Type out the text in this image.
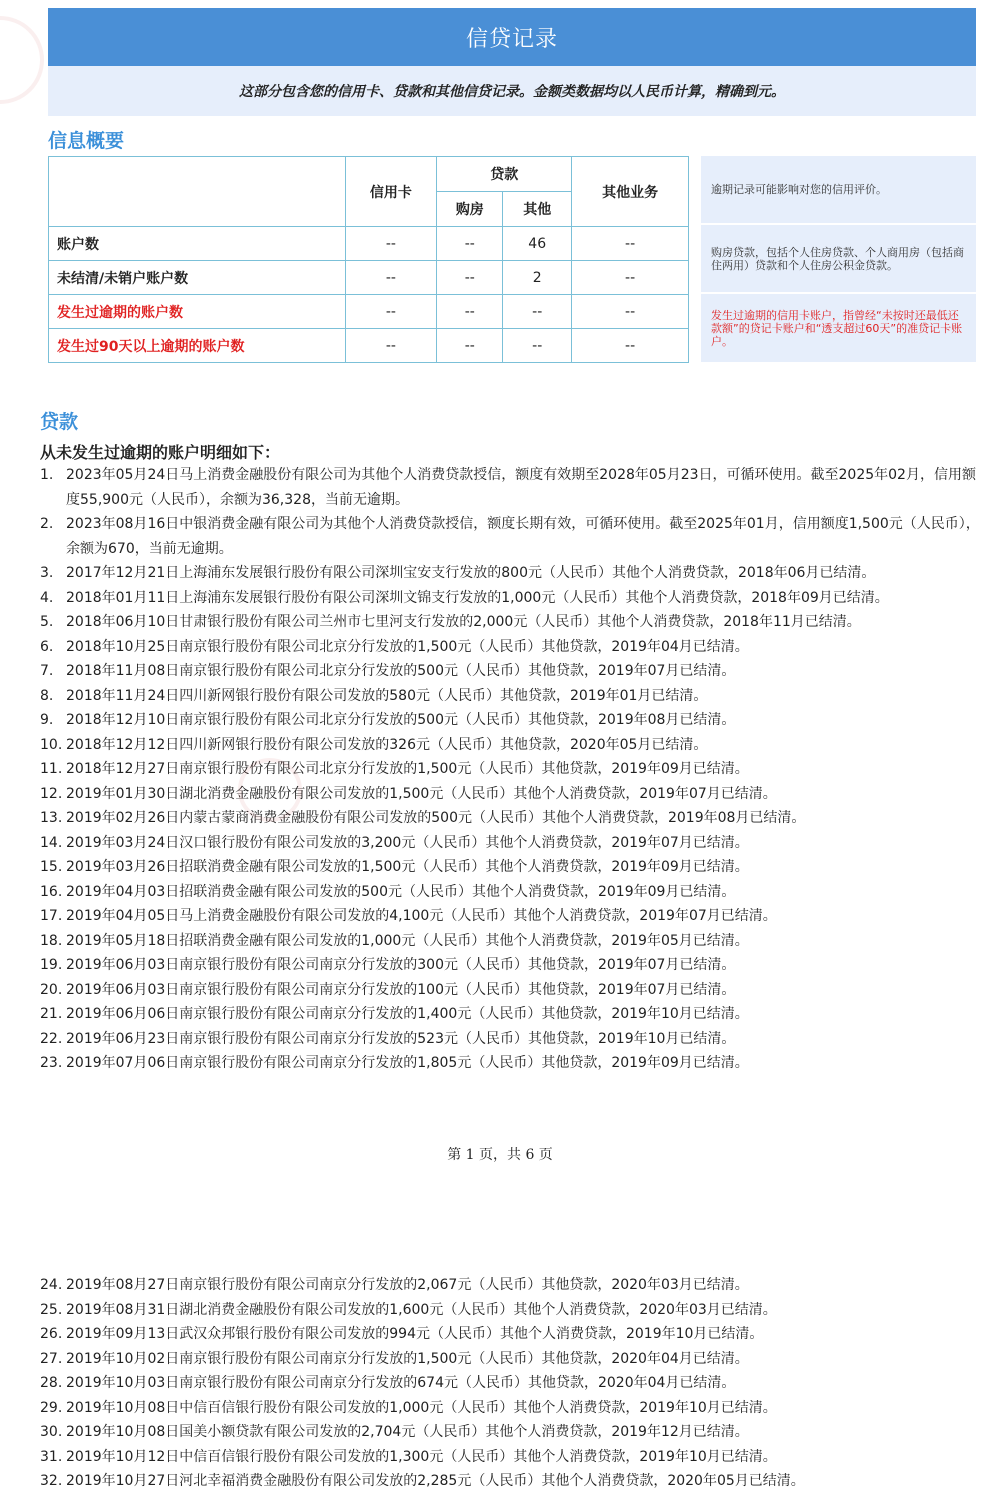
信贷记录
这部分包含您的信用卡、贷款和其他信贷记录。金额类数据均以人民币计算，精确到元。
信息概要
	信用卡	贷款		其他业务
		购房	其他	
账户数	--	--	46	--
未结清/未销户账户数	--	--	2	--
发生过逾期的账户数	--	--	--	--
发生过90天以上逾期的账户数	--	--	--	--
逾期记录可能影响对您的信用评价。
购房贷款，包括个人住房贷款、个人商用房（包括商住两用）贷款和个人住房公积金贷款。
发生过逾期的信用卡账户，指曾经“未按时还最低还款额”的贷记卡账户和“透支超过60天”的准贷记卡账户。
贷款
从未发生过逾期的账户明细如下：
1. 2023年05月24日马上消费金融股份有限公司为其他个人消费贷款授信，额度有效期至2028年05月23日，可循环使用。截至2025年02月，信用额度55,900元（人民币），余额为36,328，当前无逾期。
2. 2023年08月16日中银消费金融有限公司为其他个人消费贷款授信，额度长期有效，可循环使用。截至2025年01月，信用额度1,500元（人民币），余额为670，当前无逾期。
3. 2017年12月21日上海浦东发展银行股份有限公司深圳宝安支行发放的800元（人民币）其他个人消费贷款，2018年06月已结清。
4. 2018年01月11日上海浦东发展银行股份有限公司深圳文锦支行发放的1,000元（人民币）其他个人消费贷款，2018年09月已结清。
5. 2018年06月10日甘肃银行股份有限公司兰州市七里河支行发放的2,000元（人民币）其他个人消费贷款，2018年11月已结清。
6. 2018年10月25日南京银行股份有限公司北京分行发放的1,500元（人民币）其他贷款，2019年04月已结清。
7. 2018年11月08日南京银行股份有限公司北京分行发放的500元（人民币）其他贷款，2019年07月已结清。
8. 2018年11月24日四川新网银行股份有限公司发放的580元（人民币）其他贷款，2019年01月已结清。
9. 2018年12月10日南京银行股份有限公司北京分行发放的500元（人民币）其他贷款，2019年08月已结清。
10. 2018年12月12日四川新网银行股份有限公司发放的326元（人民币）其他贷款，2020年05月已结清。
11. 2018年12月27日南京银行股份有限公司北京分行发放的1,500元（人民币）其他贷款，2019年09月已结清。
12. 2019年01月30日湖北消费金融股份有限公司发放的1,500元（人民币）其他个人消费贷款，2019年07月已结清。
13. 2019年02月26日内蒙古蒙商消费金融股份有限公司发放的500元（人民币）其他个人消费贷款，2019年08月已结清。
14. 2019年03月24日汉口银行股份有限公司发放的3,200元（人民币）其他个人消费贷款，2019年07月已结清。
15. 2019年03月26日招联消费金融有限公司发放的1,500元（人民币）其他个人消费贷款，2019年09月已结清。
16. 2019年04月03日招联消费金融有限公司发放的500元（人民币）其他个人消费贷款，2019年09月已结清。
17. 2019年04月05日马上消费金融股份有限公司发放的4,100元（人民币）其他个人消费贷款，2019年07月已结清。
18. 2019年05月18日招联消费金融有限公司发放的1,000元（人民币）其他个人消费贷款，2019年05月已结清。
19. 2019年06月03日南京银行股份有限公司南京分行发放的300元（人民币）其他贷款，2019年07月已结清。
20. 2019年06月03日南京银行股份有限公司南京分行发放的100元（人民币）其他贷款，2019年07月已结清。
21. 2019年06月06日南京银行股份有限公司南京分行发放的1,400元（人民币）其他贷款，2019年10月已结清。
22. 2019年06月23日南京银行股份有限公司南京分行发放的523元（人民币）其他贷款，2019年10月已结清。
23. 2019年07月06日南京银行股份有限公司南京分行发放的1,805元（人民币）其他贷款，2019年09月已结清。
第 1 页，共 6 页
24. 2019年08月27日南京银行股份有限公司南京分行发放的2,067元（人民币）其他贷款，2020年03月已结清。
25. 2019年08月31日湖北消费金融股份有限公司发放的1,600元（人民币）其他个人消费贷款，2020年03月已结清。
26. 2019年09月13日武汉众邦银行股份有限公司发放的994元（人民币）其他个人消费贷款，2019年10月已结清。
27. 2019年10月02日南京银行股份有限公司南京分行发放的1,500元（人民币）其他贷款，2020年04月已结清。
28. 2019年10月03日南京银行股份有限公司南京分行发放的674元（人民币）其他贷款，2020年04月已结清。
29. 2019年10月08日中信百信银行股份有限公司发放的1,000元（人民币）其他个人消费贷款，2019年10月已结清。
30. 2019年10月08日国美小额贷款有限公司发放的2,704元（人民币）其他个人消费贷款，2019年12月已结清。
31. 2019年10月12日中信百信银行股份有限公司发放的1,300元（人民币）其他个人消费贷款，2019年10月已结清。
32. 2019年10月27日河北幸福消费金融股份有限公司发放的2,285元（人民币）其他个人消费贷款，2020年05月已结清。
